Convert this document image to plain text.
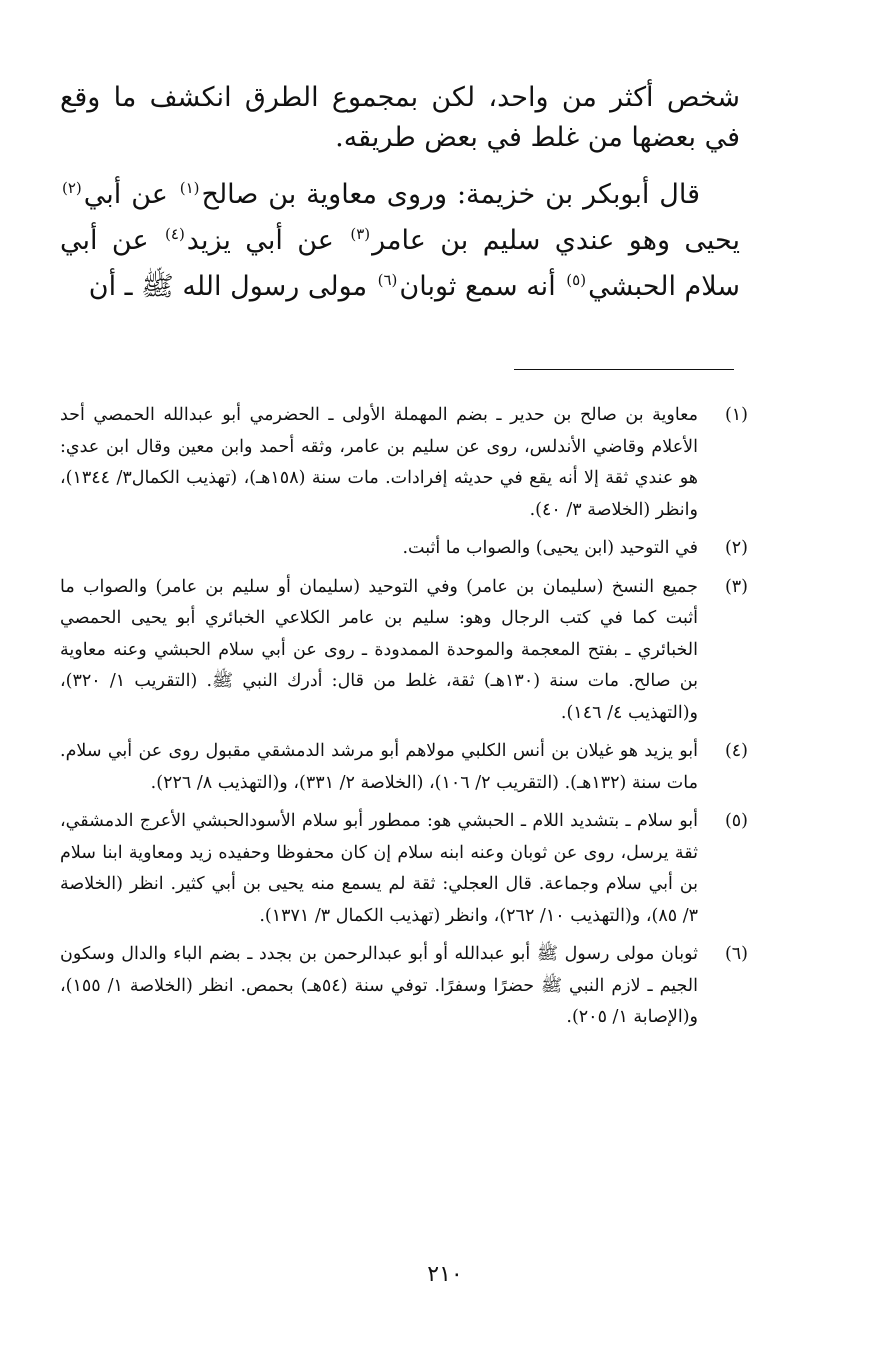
شخص أكثر من واحد، لكن بمجموع الطرق انكشف ما وقع في بعضها من غلط في بعض طريقه.

قال أبوبكر بن خزيمة: وروى معاوية بن صالح$^{(١)}$ عن أبي$^{(٢)}$ يحيى وهو عندي سليم بن عامر$^{(٣)}$ عن أبي يزيد$^{(٤)}$ عن أبي سلام الحبشي$^{(٥)}$ أنه سمع ثوبان$^{(٦)}$ مولى رسول الله ﷺ ـ أن

(١)
معاوية بن صالح بن حدير ـ بضم المهملة الأولى ـ الحضرمي أبو عبدالله الحمصي أحد الأعلام وقاضي الأندلس، روى عن سليم بن عامر، وثقه أحمد وابن معين وقال ابن عدي: هو عندي ثقة إلا أنه يقع في حديثه إفرادات. مات سنة (١٥٨هـ)، (تهذيب الكمال٣/ ١٣٤٤)، وانظر (الخلاصة ٣/ ٤٠).
(٢)
في التوحيد (ابن يحيى) والصواب ما أثبت.
(٣)
جميع النسخ (سليمان بن عامر) وفي التوحيد (سليمان أو سليم بن عامر) والصواب ما أثبت كما في كتب الرجال وهو: سليم بن عامر الكلاعي الخبائري أبو يحيى الحمصي الخبائري ـ بفتح المعجمة والموحدة الممدودة ـ روى عن أبي سلام الحبشي وعنه معاوية بن صالح. مات سنة (١٣٠هـ) ثقة، غلط من قال: أدرك النبي ﷺ. (التقريب ١/ ٣٢٠)، و(التهذيب ٤/ ١٤٦).
(٤)
أبو يزيد هو غيلان بن أنس الكلبي مولاهم أبو مرشد الدمشقي مقبول روى عن أبي سلام. مات سنة (١٣٢هـ). (التقريب ٢/ ١٠٦)، (الخلاصة ٢/ ٣٣١)، و(التهذيب ٨/ ٢٢٦).
(٥)
أبو سلام ـ بتشديد اللام ـ الحبشي هو: ممطور أبو سلام الأسودالحبشي الأعرج الدمشقي، ثقة يرسل، روى عن ثوبان وعنه ابنه سلام إن كان محفوظا وحفيده زيد ومعاوية ابنا سلام بن أبي سلام وجماعة. قال العجلي: ثقة لم يسمع منه يحيى بن أبي كثير. انظر (الخلاصة ٣/ ٨٥)، و(التهذيب ١٠/ ٢٦٢)، وانظر (تهذيب الكمال ٣/ ١٣٧١).
(٦)
ثوبان مولى رسول ﷺ أبو عبدالله أو أبو عبدالرحمن بن بجدد ـ بضم الباء والدال وسكون الجيم ـ لازم النبي ﷺ حضرًا وسفرًا. توفي سنة (٥٤هـ) بحمص. انظر (الخلاصة ١/ ١٥٥)، و(الإصابة ١/ ٢٠٥).
٢١٠
